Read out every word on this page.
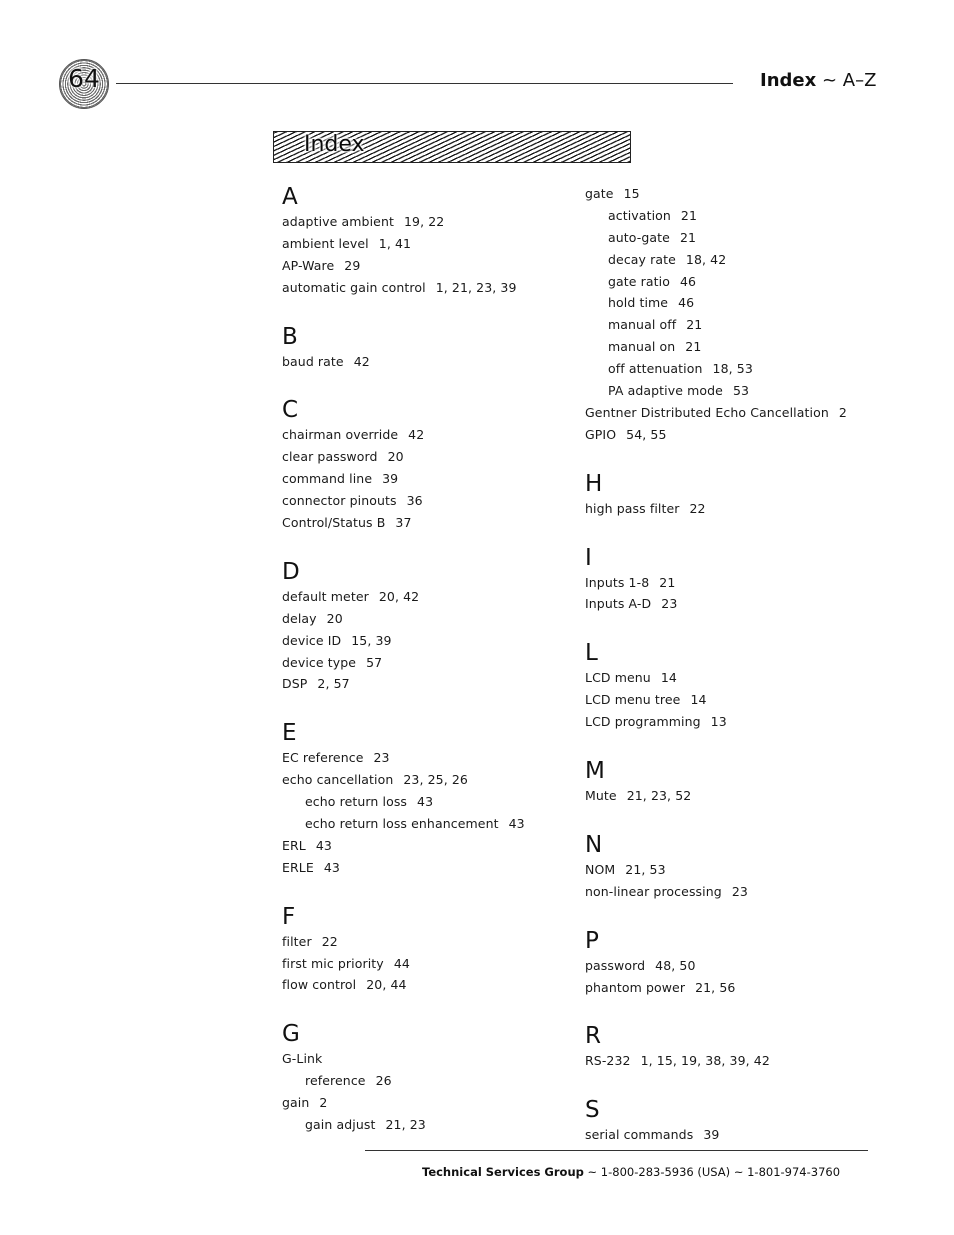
64	Index ~ A–Z
Index
A
adaptive ambient 19, 22
ambient level 1, 41
AP-Ware 29
automatic gain control 1, 21, 23, 39
B
baud rate 42
C
chairman override 42
clear password 20
command line 39
connector pinouts 36
Control/Status B 37
D
default meter 20, 42
delay 20
device ID 15, 39
device type 57
DSP 2, 57
E
EC reference 23
echo cancellation 23, 25, 26
echo return loss 43
echo return loss enhancement 43
ERL 43
ERLE 43
F
filter 22
first mic priority 44
flow control 20, 44
G
G-Link
reference 26
gain 2
gain adjust 21, 23
gate 15
activation 21
auto-gate 21
decay rate 18, 42
gate ratio 46
hold time 46
manual off 21
manual on 21
off attenuation 18, 53
PA adaptive mode 53
Gentner Distributed Echo Cancellation 2
GPIO 54, 55
H
high pass filter 22
I
Inputs 1-8 21
Inputs A-D 23
L
LCD menu 14
LCD menu tree 14
LCD programming 13
M
Mute 21, 23, 52
N
NOM 21, 53
non-linear processing 23
P
password 48, 50
phantom power 21, 56
R
RS-232 1, 15, 19, 38, 39, 42
S
serial commands 39
Technical Services Group ~ 1-800-283-5936 (USA) ~ 1-801-974-3760
